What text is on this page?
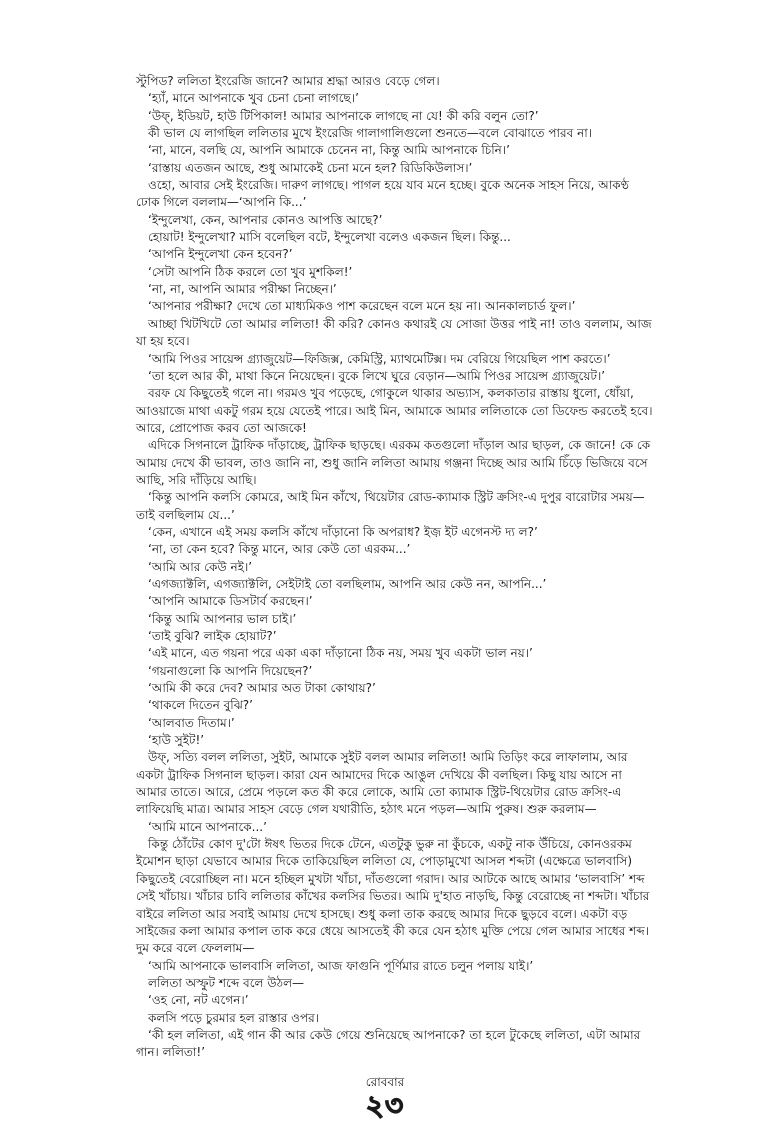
স্টুপিড? ললিতা ইংরেজি জানে? আমার শ্রদ্ধা আরও বেড়ে গেল।

‘হ্যাঁ, মানে আপনাকে খুব চেনা চেনা লাগছে।’

‘উফ্, ইডিয়ট, হাউ টিপিকাল! আমার আপনাকে লাগছে না যে! কী করি বলুন তো?’

কী ভাল যে লাগছিল ললিতার মুখে ইংরেজি গালাগালিগুলো শুনতে—বলে বোঝাতে পারব না।

‘না, মানে, বলছি যে, আপনি আমাকে চেনেন না, কিন্তু আমি আপনাকে চিনি।’

‘রাস্তায় এতজন আছে, শুধু আমাকেই চেনা মনে হল? রিডিকিউলাস।’

ওহো, আবার সেই ইংরেজি। দারুণ লাগছে। পাগল হয়ে যাব মনে হচ্ছে। বুকে অনেক সাহস নিয়ে, আকণ্ঠ ঢোক গিলে বললাম—‘আপনি কি...’

‘ইন্দুলেখা, কেন, আপনার কোনও আপত্তি আছে?’

হোয়াট! ইন্দুলেখা? মাসি বলেছিল বটে, ইন্দুলেখা বলেও একজন ছিল। কিন্তু...

‘আপনি ইন্দুলেখা কেন হবেন?’

‘সেটা আপনি ঠিক করলে তো খুব মুশকিল!’

‘না, না, আপনি আমার পরীক্ষা নিচ্ছেন।’

‘আপনার পরীক্ষা? দেখে তো মাধ্যমিকও পাশ করেছেন বলে মনে হয় না। আনকালচার্ড ফুল।’

আচ্ছা খিটখিটে তো আমার ললিতা! কী করি? কোনও কথারই যে সোজা উত্তর পাই না! তাও বললাম, আজ যা হয় হবে।

‘আমি পিওর সায়েন্স গ্র্যাজুয়েট—ফিজিক্স, কেমিস্ট্রি, ম্যাথমেটিক্স। দম বেরিয়ে গিয়েছিল পাশ করতে।’

‘তা হলে আর কী, মাথা কিনে নিয়েছেন। বুকে লিখে ঘুরে বেড়ান—আমি পিওর সায়েন্স গ্র্যাজুয়েট।’

বরফ যে কিছুতেই গলে না। গরমও খুব পড়েছে, গোকুলে থাকার অভ্যাস, কলকাতার রাস্তায় ধুলো, ধোঁয়া, আওয়াজে মাথা একটু গরম হয়ে যেতেই পারে। আই মিন, আমাকে আমার ললিতাকে তো ডিফেন্ড করতেই হবে। আরে, প্রোপোজ করব তো আজকে!

এদিকে সিগনালে ট্রাফিক দাঁড়াচ্ছে, ট্রাফিক ছাড়ছে। এরকম কতগুলো দাঁড়াল আর ছাড়ল, কে জানে! কে কে আমায় দেখে কী ভাবল, তাও জানি না, শুধু জানি ললিতা আমায় গঞ্জনা দিচ্ছে আর আমি চিঁড়ে ভিজিয়ে বসে আছি, সরি দাঁড়িয়ে আছি।

‘কিন্তু আপনি কলসি কোমরে, আই মিন কাঁখে, থিয়েটার রোড-ক্যামাক স্ট্রিট ক্রসিং-এ দুপুর বারোটার সময়—তাই বলছিলাম যে...’

‘কেন, এখানে এই সময় কলসি কাঁখে দাঁড়ানো কি অপরাধ? ইজ় ইট এগেনস্ট দ্য ল?’

‘না, তা কেন হবে? কিন্তু মানে, আর কেউ তো এরকম...’

‘আমি আর কেউ নই।’

‘এগজ্যাক্টলি, এগজ্যাক্টলি, সেইটাই তো বলছিলাম, আপনি আর কেউ নন, আপনি...’

‘আপনি আমাকে ডিসটার্ব করছেন।’

‘কিন্তু আমি আপনার ভাল চাই।’

‘তাই বুঝি? লাইক হোয়াট?’

‘এই মানে, এত গয়না পরে একা একা দাঁড়ানো ঠিক নয়, সময় খুব একটা ভাল নয়।’

‘গয়নাগুলো কি আপনি দিয়েছেন?’

‘আমি কী করে দেব? আমার অত টাকা কোথায়?’

‘থাকলে দিতেন বুঝি?’

‘আলবাত দিতাম।’

‘হাউ সুইট!’

উফ্, সত্যি বলল ললিতা, সুইট, আমাকে সুইট বলল আমার ললিতা! আমি তিড়িং করে লাফালাম, আর একটা ট্রাফিক সিগনাল ছাড়ল। কারা যেন আমাদের দিকে আঙুল দেখিয়ে কী বলছিল। কিছু যায় আসে না আমার তাতে। আরে, প্রেমে পড়লে কত কী করে লোকে, আমি তো ক্যামাক স্ট্রিট-থিয়েটার রোড ক্রসিং-এ লাফিয়েছি মাত্র। আমার সাহস বেড়ে গেল যথারীতি, হঠাৎ মনে পড়ল—আমি পুরুষ। শুরু করলাম—

‘আমি মানে আপনাকে...’

কিন্তু ঠোঁটের কোণ দু'টো ঈষৎ ভিতর দিকে টেনে, এতটুকু ভুরু না কুঁচকে, একটু নাক উঁচিয়ে, কোনওরকম ইমোশন ছাড়া যেভাবে আমার দিকে তাকিয়েছিল ললিতা যে, পোড়ামুখো আসল শব্দটা (এক্ষেত্রে ভালবাসি) কিছুতেই বেরোচ্ছিল না। মনে হচ্ছিল মুখটা খাঁচা, দাঁতগুলো গরাদ। আর আটকে আছে আমার ‘ভালবাসি’ শব্দ সেই খাঁচায়। খাঁচার চাবি ললিতার কাঁখের কলসির ভিতর। আমি দু'হাত নাড়ছি, কিন্তু বেরোচ্ছে না শব্দটা। খাঁচার বাইরে ললিতা আর সবাই আমায় দেখে হাসছে। শুধু কলা তাক করছে আমার দিকে ছুড়বে বলে। একটা বড় সাইজের কলা আমার কপাল তাক করে ধেয়ে আসতেই কী করে যেন হঠাৎ মুক্তি পেয়ে গেল আমার সাধের শব্দ। দুম করে বলে ফেললাম—

‘আমি আপনাকে ভালবাসি ললিতা, আজ ফাগুনি পূর্ণিমার রাতে চলুন পলায় যাই।’

ললিতা অস্ফুট শব্দে বলে উঠল—

‘ওহ নো, নট এগেন।’

কলসি পড়ে চুরমার হল রাস্তার ওপর।

‘কী হল ললিতা, এই গান কী আর কেউ গেয়ে শুনিয়েছে আপনাকে? তা হলে টুকেছে ললিতা, এটা আমার গান। ললিতা!’

রোববার
২৩
